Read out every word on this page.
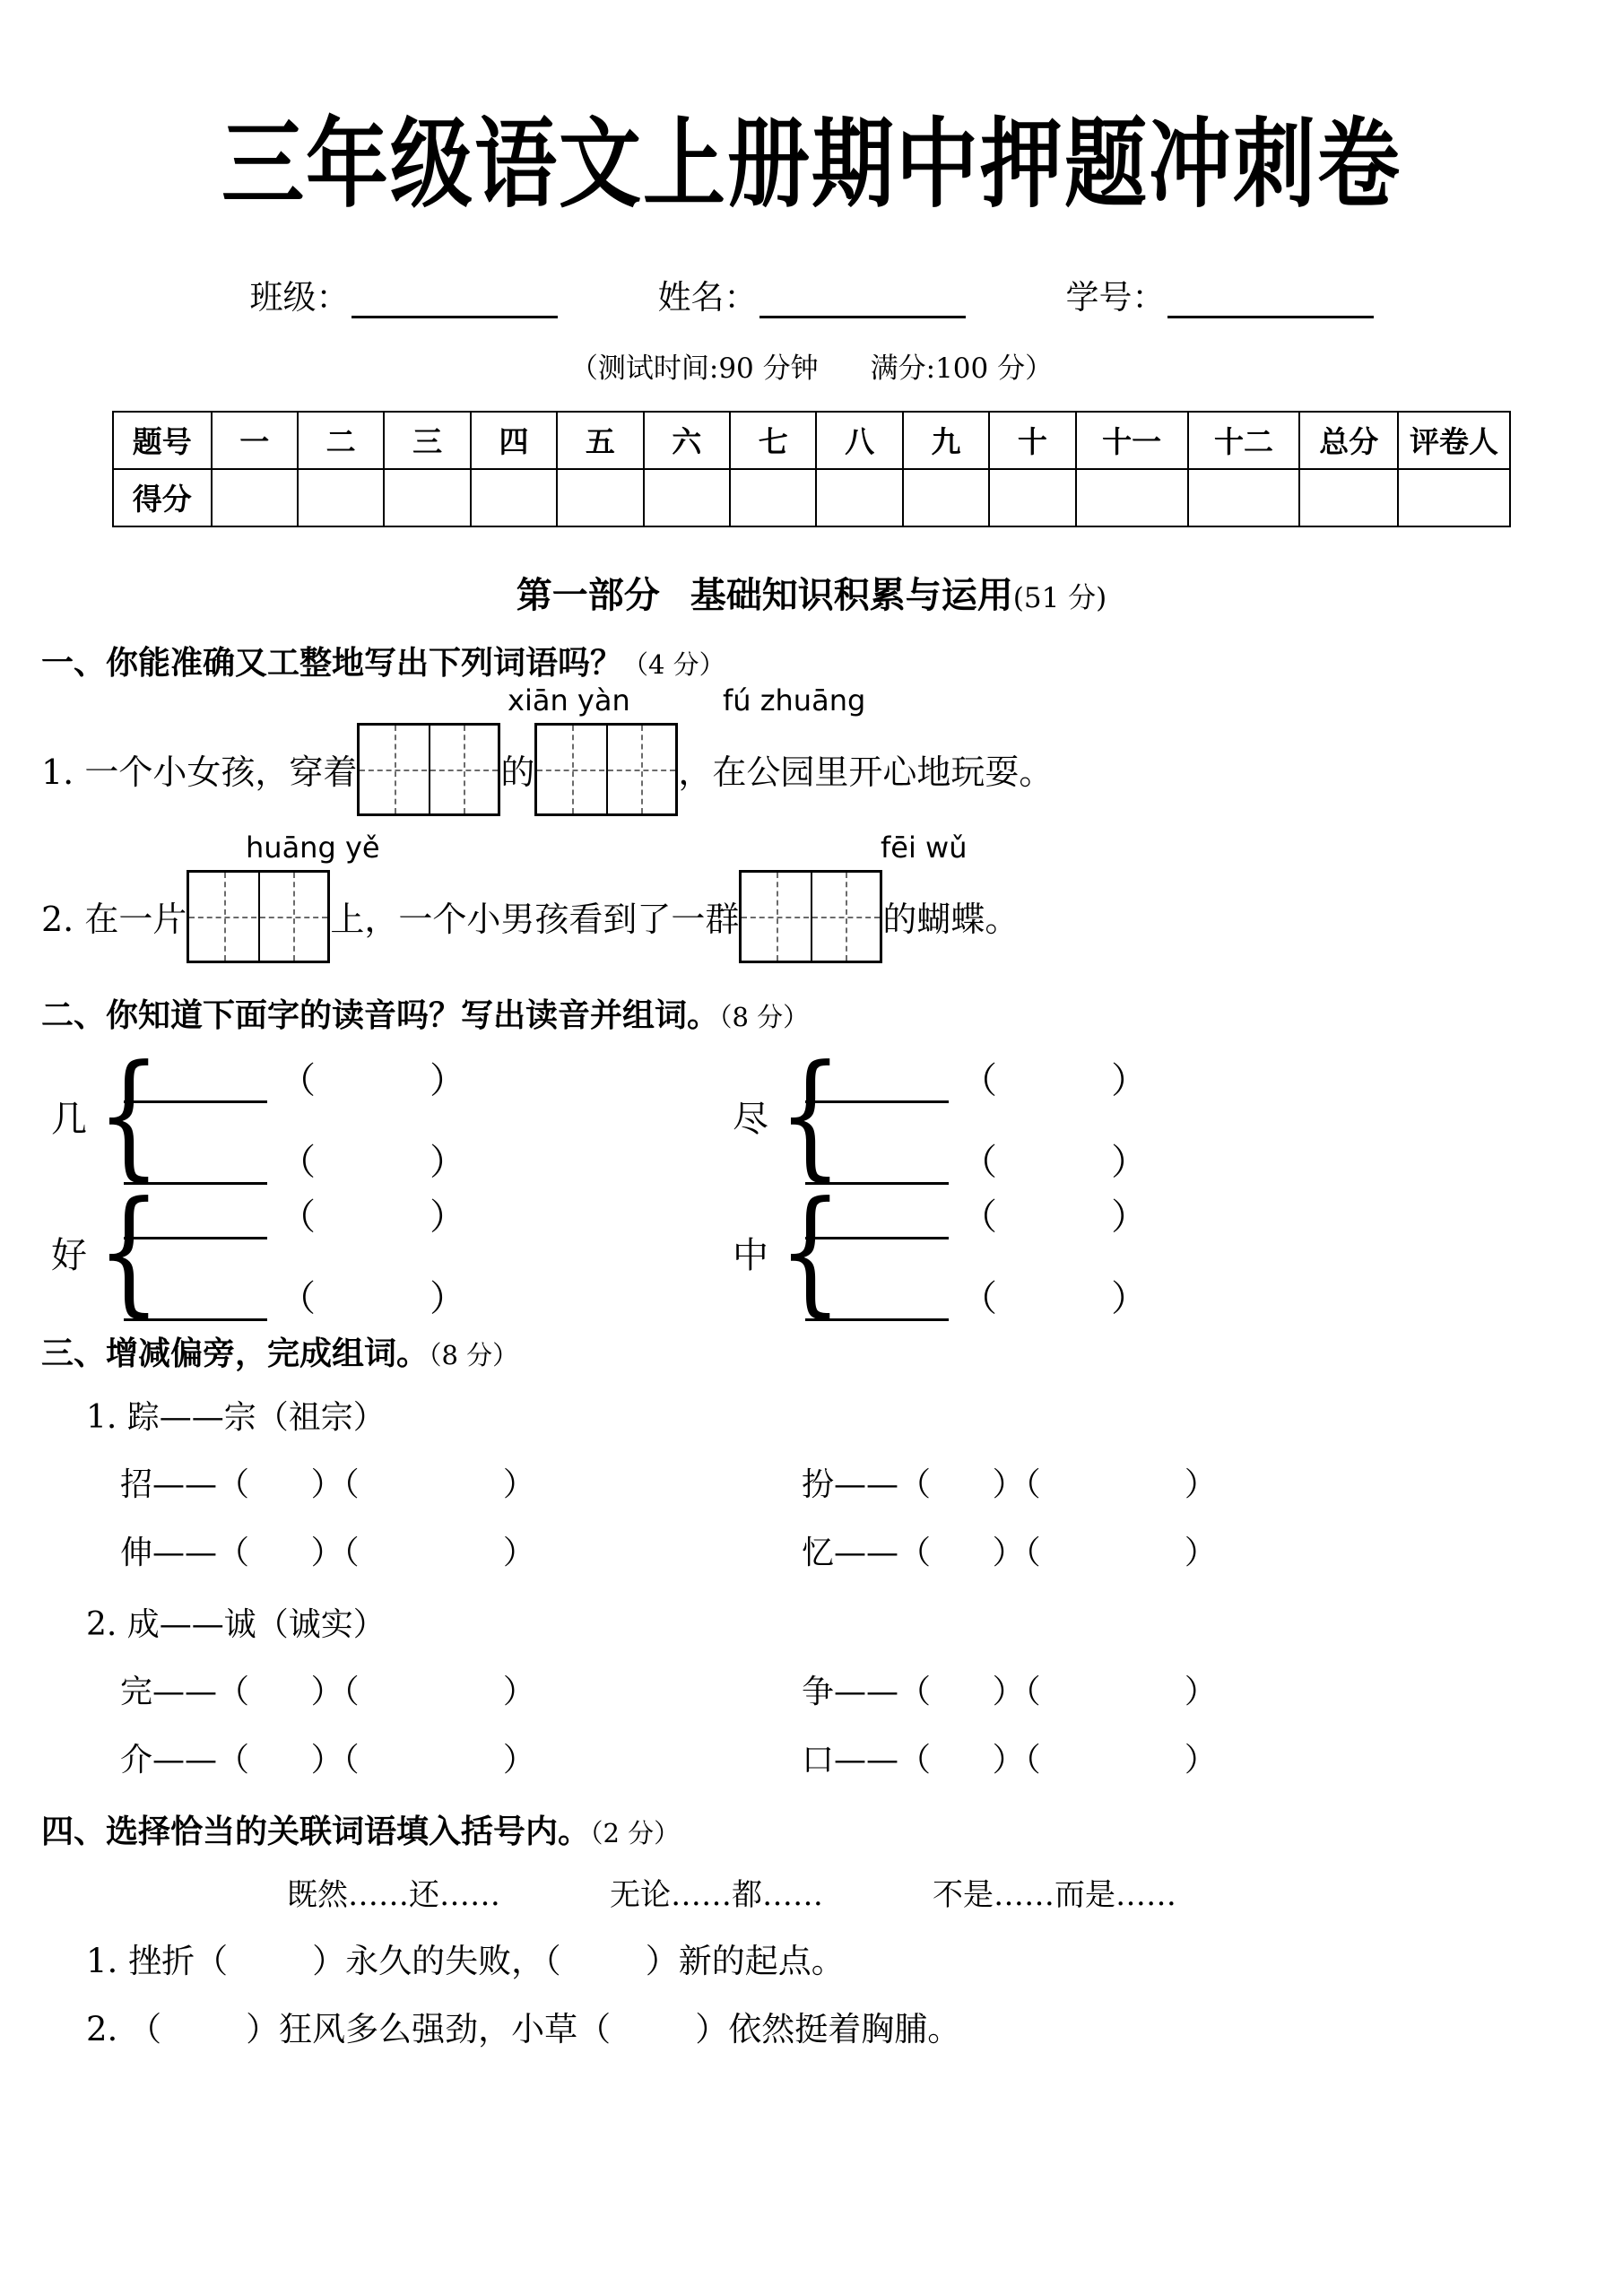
三年级语文上册期中押题冲刺卷
班级：	姓名：	学号：
（测试时间:90 分钟 满分:100 分）
题号	一	二	三	四	五	六	七	八	九	十	十一	十二	总分	评卷人
得分														
第一部分 基础知识积累与运用(51 分)
一、你能准确又工整地写出下列词语吗？（4 分）
xiān yàn	fú zhuāng
1. 一个小女孩，穿着	的	，在公园里开心地玩耍。
huāng yě	fēi wǔ
2. 在一片	上，一个小男孩看到了一群	的蝴蝶。
二、你知道下面字的读音吗？写出读音并组词。（8 分）
几 {	（          ）
（          ）
尽 {	（          ）
（          ）
好 {	（          ）
（          ）
中 {	（          ）
（          ）
三、增减偏旁，完成组词。（8 分）
1. 踪——宗（祖宗）
招——（      ）（              ）	扮——（      ）（              ）
伸——（      ）（              ）	忆——（      ）（              ）
2. 成——诚（诚实）
完——（      ）（              ）	争——（      ）（              ）
介——（      ）（              ）	口——（      ）（              ）
四、选择恰当的关联词语填入括号内。（2 分）
既然……还……	无论……都……	不是……而是……
1. 挫折（        ）永久的失败，（        ）新的起点。
2. （        ）狂风多么强劲，小草（        ）依然挺着胸脯。
